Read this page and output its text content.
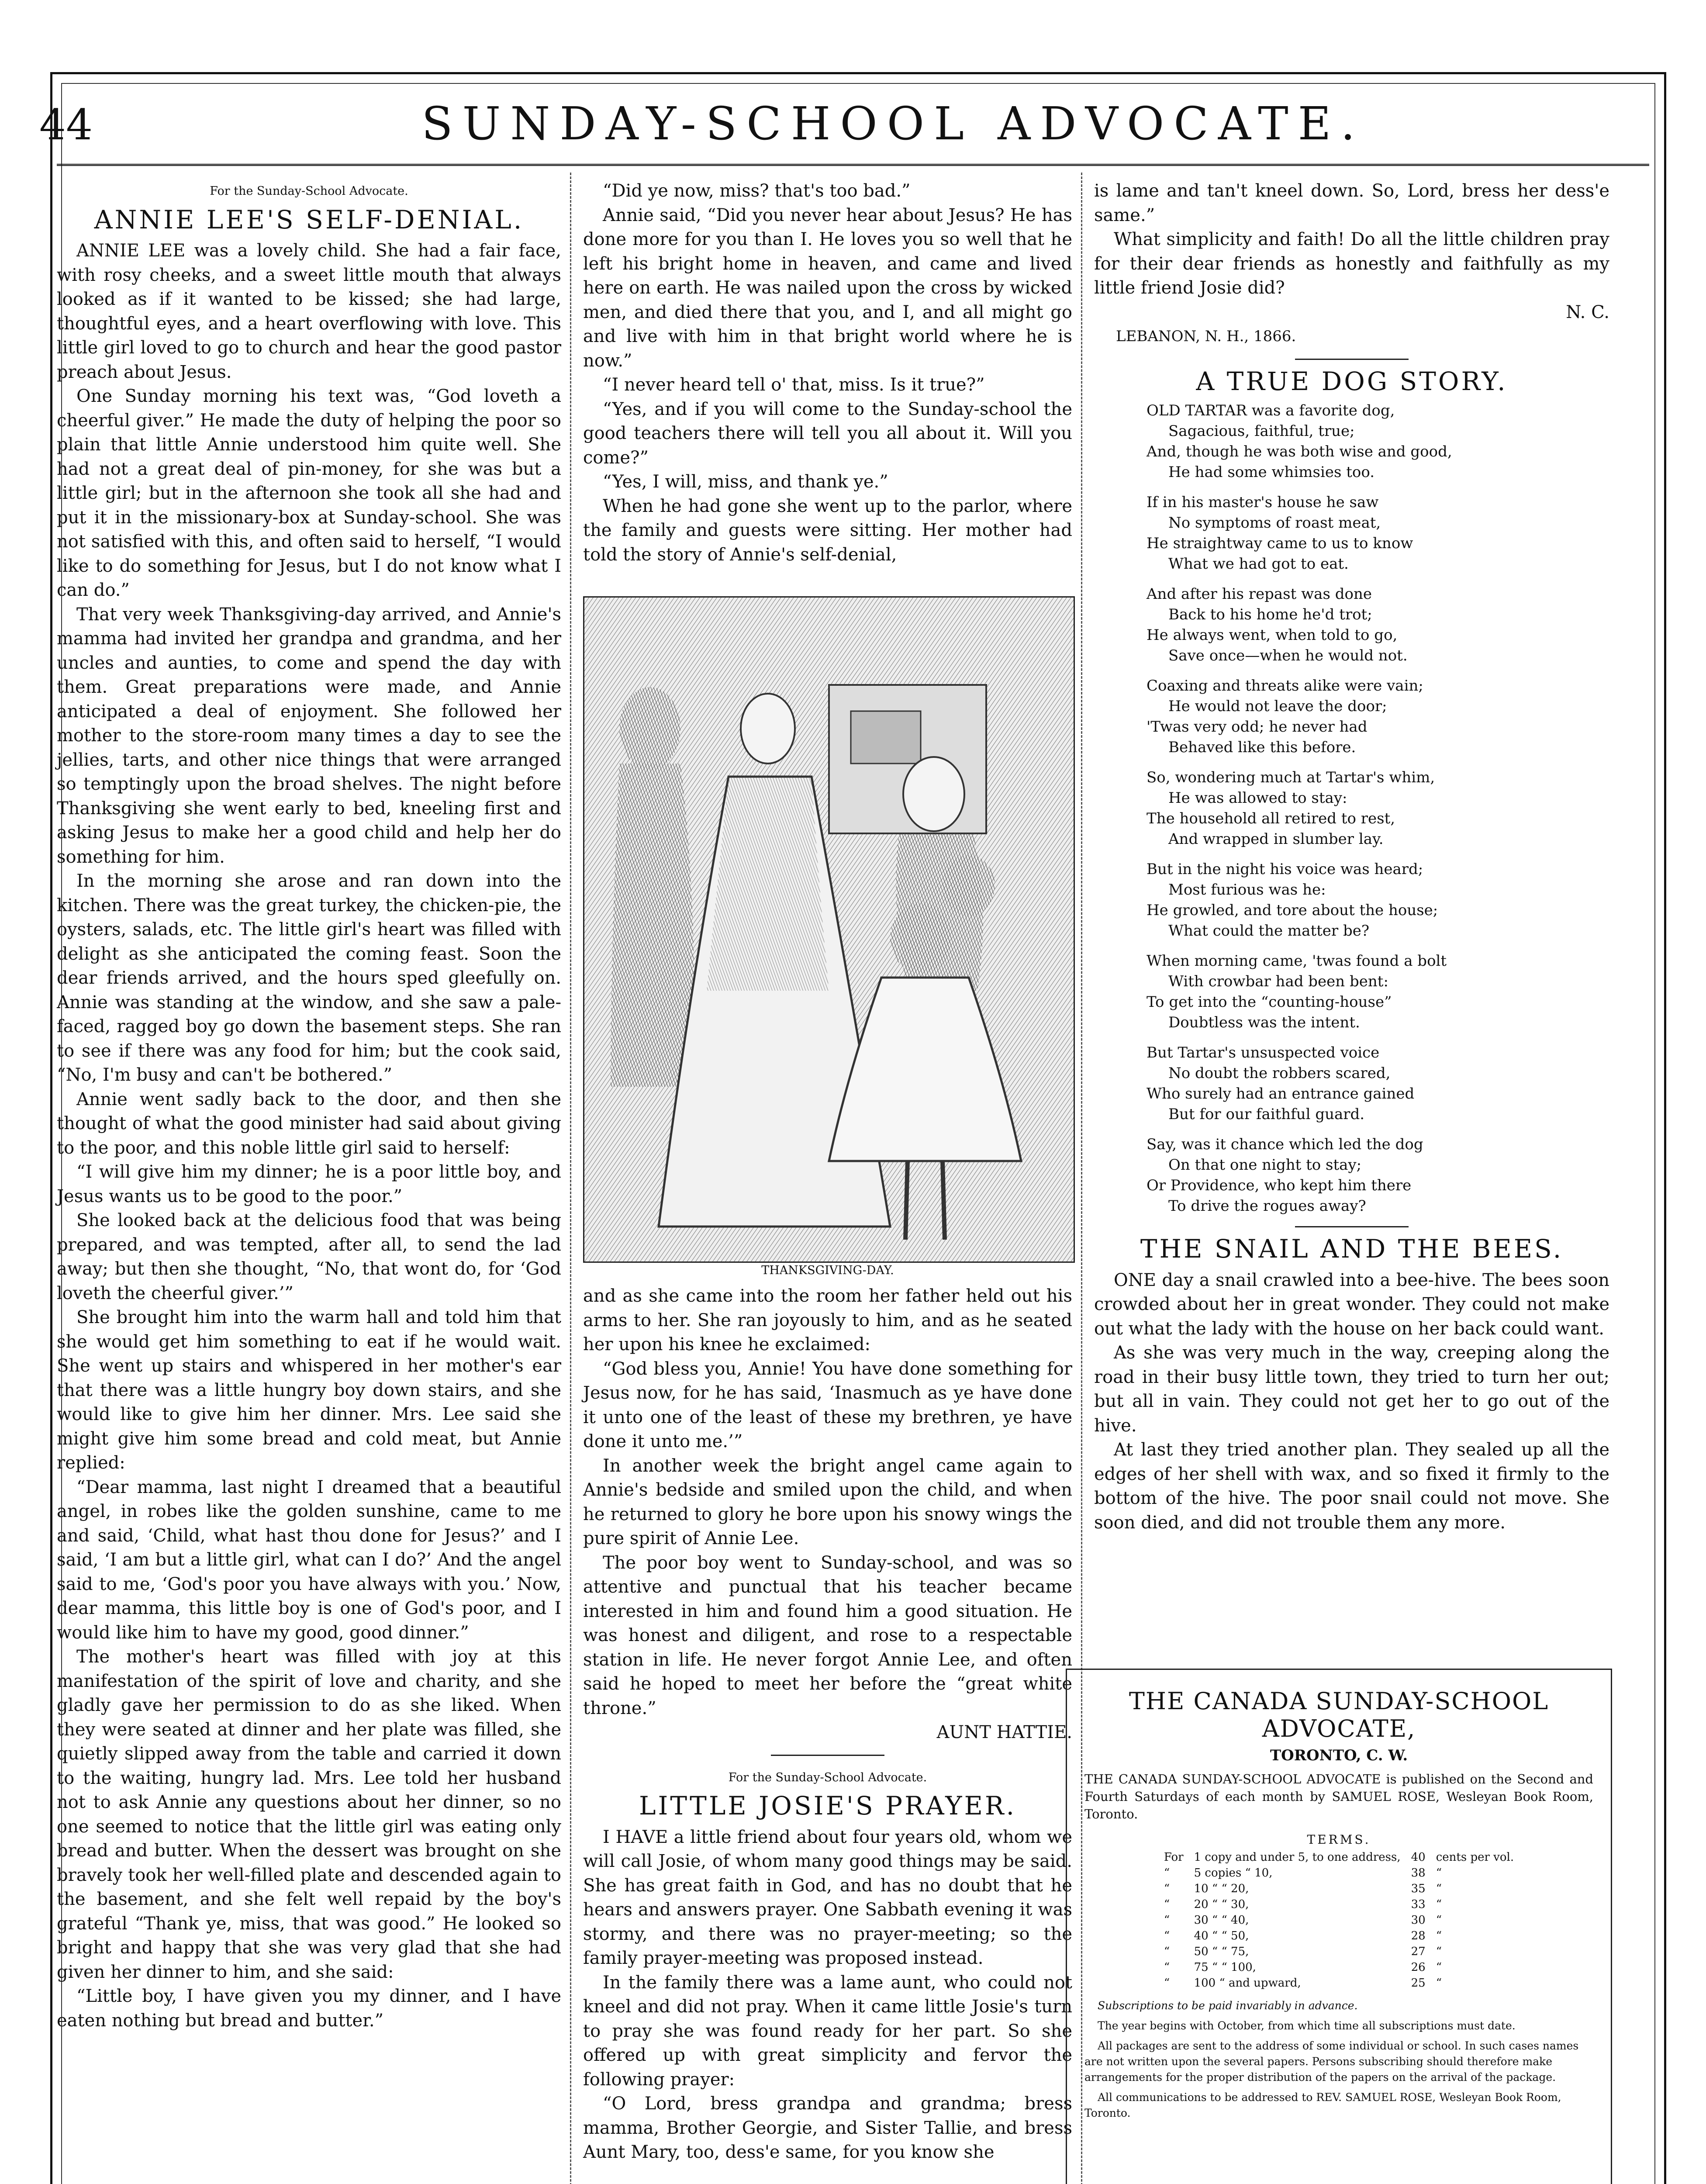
44	SUNDAY-SCHOOL ADVOCATE.
For the Sunday-School Advocate.
ANNIE LEE'S SELF-DENIAL.

ANNIE LEE was a lovely child. She had a fair face, with rosy cheeks, and a sweet little mouth that always looked as if it wanted to be kissed; she had large, thoughtful eyes, and a heart overflowing with love. This little girl loved to go to church and hear the good pastor preach about Jesus.

One Sunday morning his text was, “God loveth a cheerful giver.” He made the duty of helping the poor so plain that little Annie understood him quite well. She had not a great deal of pin-money, for she was but a little girl; but in the afternoon she took all she had and put it in the missionary-box at Sunday-school. She was not satisfied with this, and often said to herself, “I would like to do something for Jesus, but I do not know what I can do.”

That very week Thanksgiving-day arrived, and Annie's mamma had invited her grandpa and grandma, and her uncles and aunties, to come and spend the day with them. Great preparations were made, and Annie anticipated a deal of enjoyment. She followed her mother to the store-room many times a day to see the jellies, tarts, and other nice things that were arranged so temptingly upon the broad shelves. The night before Thanksgiving she went early to bed, kneeling first and asking Jesus to make her a good child and help her do something for him.

In the morning she arose and ran down into the kitchen. There was the great turkey, the chicken-pie, the oysters, salads, etc. The little girl's heart was filled with delight as she anticipated the coming feast. Soon the dear friends arrived, and the hours sped gleefully on. Annie was standing at the window, and she saw a pale-faced, ragged boy go down the basement steps. She ran to see if there was any food for him; but the cook said, “No, I'm busy and can't be bothered.”

Annie went sadly back to the door, and then she thought of what the good minister had said about giving to the poor, and this noble little girl said to herself:

“I will give him my dinner; he is a poor little boy, and Jesus wants us to be good to the poor.”

She looked back at the delicious food that was being prepared, and was tempted, after all, to send the lad away; but then she thought, “No, that wont do, for ‘God loveth the cheerful giver.’”

She brought him into the warm hall and told him that she would get him something to eat if he would wait. She went up stairs and whispered in her mother's ear that there was a little hungry boy down stairs, and she would like to give him her dinner. Mrs. Lee said she might give him some bread and cold meat, but Annie replied:

“Dear mamma, last night I dreamed that a beautiful angel, in robes like the golden sunshine, came to me and said, ‘Child, what hast thou done for Jesus?’ and I said, ‘I am but a little girl, what can I do?’ And the angel said to me, ‘God's poor you have always with you.’ Now, dear mamma, this little boy is one of God's poor, and I would like him to have my good, good dinner.”

The mother's heart was filled with joy at this manifestation of the spirit of love and charity, and she gladly gave her permission to do as she liked. When they were seated at dinner and her plate was filled, she quietly slipped away from the table and carried it down to the waiting, hungry lad. Mrs. Lee told her husband not to ask Annie any questions about her dinner, so no one seemed to notice that the little girl was eating only bread and butter. When the dessert was brought on she bravely took her well-filled plate and descended again to the basement, and she felt well repaid by the boy's grateful “Thank ye, miss, that was good.” He looked so bright and happy that she was very glad that she had given her dinner to him, and she said:

“Little boy, I have given you my dinner, and I have eaten nothing but bread and butter.”

“Did ye now, miss? that's too bad.”

Annie said, “Did you never hear about Jesus? He has done more for you than I. He loves you so well that he left his bright home in heaven, and came and lived here on earth. He was nailed upon the cross by wicked men, and died there that you, and I, and all might go and live with him in that bright world where he is now.”

“I never heard tell o' that, miss. Is it true?”

“Yes, and if you will come to the Sunday-school the good teachers there will tell you all about it. Will you come?”

“Yes, I will, miss, and thank ye.”

When he had gone she went up to the parlor, where the family and guests were sitting. Her mother had told the story of Annie's self-denial,

THANKSGIVING-DAY.

and as she came into the room her father held out his arms to her. She ran joyously to him, and as he seated her upon his knee he exclaimed:

“God bless you, Annie! You have done something for Jesus now, for he has said, ‘Inasmuch as ye have done it unto one of the least of these my brethren, ye have done it unto me.’”

In another week the bright angel came again to Annie's bedside and smiled upon the child, and when he returned to glory he bore upon his snowy wings the pure spirit of Annie Lee.

The poor boy went to Sunday-school, and was so attentive and punctual that his teacher became interested in him and found him a good situation. He was honest and diligent, and rose to a respectable station in life. He never forgot Annie Lee, and often said he hoped to meet her before the “great white throne.”

AUNT HATTIE.
For the Sunday-School Advocate.
LITTLE JOSIE'S PRAYER.

I HAVE a little friend about four years old, whom we will call Josie, of whom many good things may be said. She has great faith in God, and has no doubt that he hears and answers prayer. One Sabbath evening it was stormy, and there was no prayer-meeting; so the family prayer-meeting was proposed instead.

In the family there was a lame aunt, who could not kneel and did not pray. When it came little Josie's turn to pray she was found ready for her part. So she offered up with great simplicity and fervor the following prayer:

“O Lord, bress grandpa and grandma; bress mamma, Brother Georgie, and Sister Tallie, and bress Aunt Mary, too, dess'e same, for you know she

is lame and tan't kneel down. So, Lord, bress her dess'e same.”

What simplicity and faith! Do all the little children pray for their dear friends as honestly and faithfully as my little friend Josie did?

N. C.
LEBANON, N. H., 1866.
A TRUE DOG STORY.
OLD TARTAR was a favorite dog,
Sagacious, faithful, true;
And, though he was both wise and good,
He had some whimsies too.
If in his master's house he saw
No symptoms of roast meat,
He straightway came to us to know
What we had got to eat.
And after his repast was done
Back to his home he'd trot;
He always went, when told to go,
Save once—when he would not.
Coaxing and threats alike were vain;
He would not leave the door;
'Twas very odd; he never had
Behaved like this before.
So, wondering much at Tartar's whim,
He was allowed to stay:
The household all retired to rest,
And wrapped in slumber lay.
But in the night his voice was heard;
Most furious was he:
He growled, and tore about the house;
What could the matter be?
When morning came, 'twas found a bolt
With crowbar had been bent:
To get into the “counting-house”
Doubtless was the intent.
But Tartar's unsuspected voice
No doubt the robbers scared,
Who surely had an entrance gained
But for our faithful guard.
Say, was it chance which led the dog
On that one night to stay;
Or Providence, who kept him there
To drive the rogues away?
THE SNAIL AND THE BEES.

ONE day a snail crawled into a bee-hive. The bees soon crowded about her in great wonder. They could not make out what the lady with the house on her back could want.

As she was very much in the way, creeping along the road in their busy little town, they tried to turn her out; but all in vain. They could not get her to go out of the hive.

At last they tried another plan. They sealed up all the edges of her shell with wax, and so fixed it firmly to the bottom of the hive. The poor snail could not move. She soon died, and did not trouble them any more.

THE CANADA SUNDAY-SCHOOL ADVOCATE,
TORONTO, C. W.
THE CANADA SUNDAY-SCHOOL ADVOCATE is published on the Second and Fourth Saturdays of each month by SAMUEL ROSE, Wesleyan Book Room, Toronto.
TERMS.
For	1 copy and under 5, to one address,	40	cents per vol.
“	5 copies “ 10,	38	“
“	10 “ “ 20,	35	“
“	20 “ “ 30,	33	“
“	30 “ “ 40,	30	“
“	40 “ “ 50,	28	“
“	50 “ “ 75,	27	“
“	75 “ “ 100,	26	“
“	100 “ and upward,	25	“

Subscriptions to be paid invariably in advance.

The year begins with October, from which time all subscriptions must date.

All packages are sent to the address of some individual or school. In such cases names are not written upon the several papers. Persons subscribing should therefore make arrangements for the proper distribution of the papers on the arrival of the package.

All communications to be addressed to REV. SAMUEL ROSE, Wesleyan Book Room, Toronto.
